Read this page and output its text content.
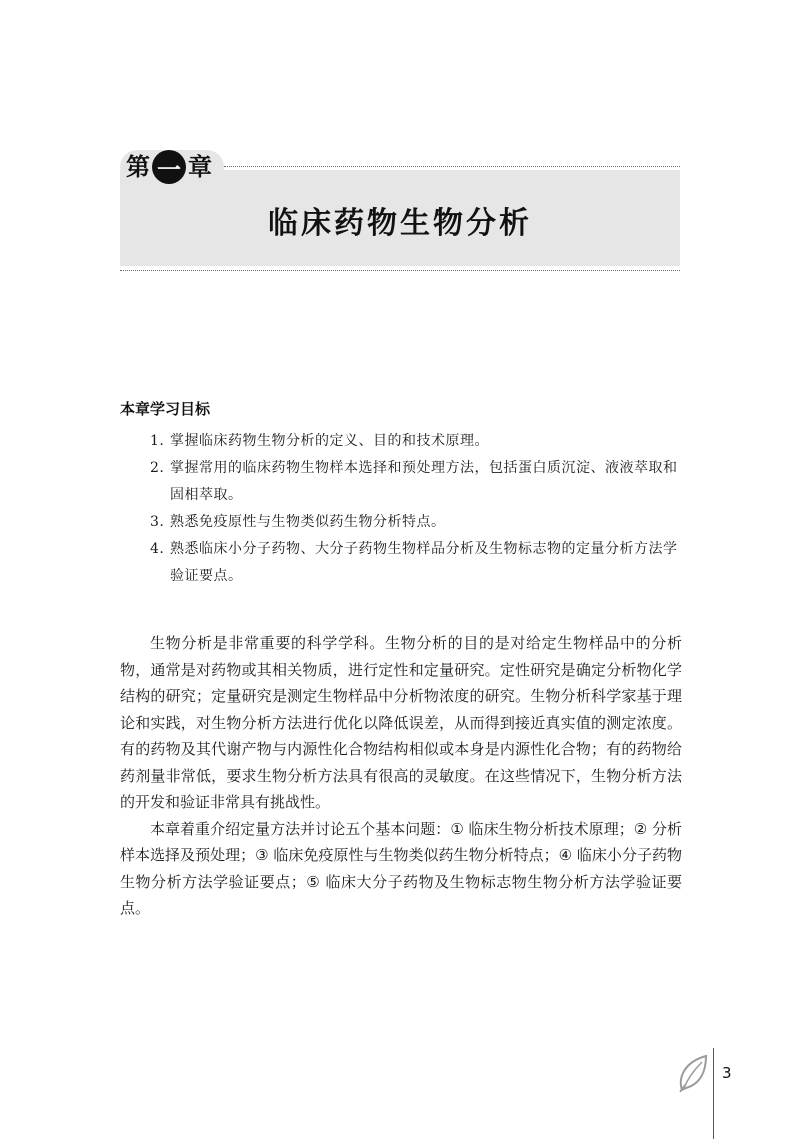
第 一 章
临床药物生物分析
本章学习目标
1. 掌握临床药物生物分析的定义、目的和技术原理。
2. 掌握常用的临床药物生物样本选择和预处理方法，包括蛋白质沉淀、液液萃取和固相萃取。
3. 熟悉免疫原性与生物类似药生物分析特点。
4. 熟悉临床小分子药物、大分子药物生物样品分析及生物标志物的定量分析方法学验证要点。

生物分析是非常重要的科学学科。生物分析的目的是对给定生物样品中的分析物，通常是对药物或其相关物质，进行定性和定量研究。定性研究是确定分析物化学结构的研究；定量研究是测定生物样品中分析物浓度的研究。生物分析科学家基于理论和实践，对生物分析方法进行优化以降低误差，从而得到接近真实值的测定浓度。有的药物及其代谢产物与内源性化合物结构相似或本身是内源性化合物；有的药物给药剂量非常低，要求生物分析方法具有很高的灵敏度。在这些情况下，生物分析方法的开发和验证非常具有挑战性。

本章着重介绍定量方法并讨论五个基本问题：① 临床生物分析技术原理；② 分析样本选择及预处理；③ 临床免疫原性与生物类似药生物分析特点；④ 临床小分子药物生物分析方法学验证要点；⑤ 临床大分子药物及生物标志物生物分析方法学验证要点。

3
